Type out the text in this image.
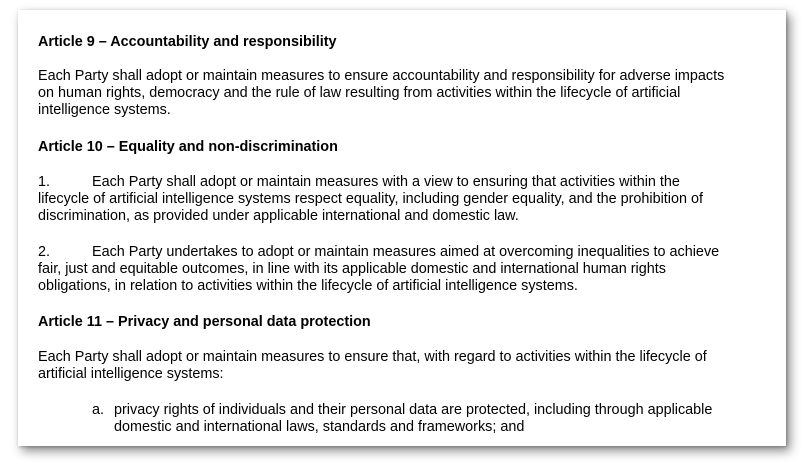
Article 9 – Accountability and responsibility
Each Party shall adopt or maintain measures to ensure accountability and responsibility for adverse impacts
on human rights, democracy and the rule of law resulting from activities within the lifecycle of artificial
intelligence systems.
Article 10 – Equality and non-discrimination
1.	Each Party shall adopt or maintain measures with a view to ensuring that activities within the
lifecycle of artificial intelligence systems respect equality, including gender equality, and the prohibition of
discrimination, as provided under applicable international and domestic law.
2.	Each Party undertakes to adopt or maintain measures aimed at overcoming inequalities to achieve
fair, just and equitable outcomes, in line with its applicable domestic and international human rights
obligations, in relation to activities within the lifecycle of artificial intelligence systems.
Article 11 – Privacy and personal data protection
Each Party shall adopt or maintain measures to ensure that, with regard to activities within the lifecycle of
artificial intelligence systems:
a. privacy rights of individuals and their personal data are protected, including through applicable
domestic and international laws, standards and frameworks; and
